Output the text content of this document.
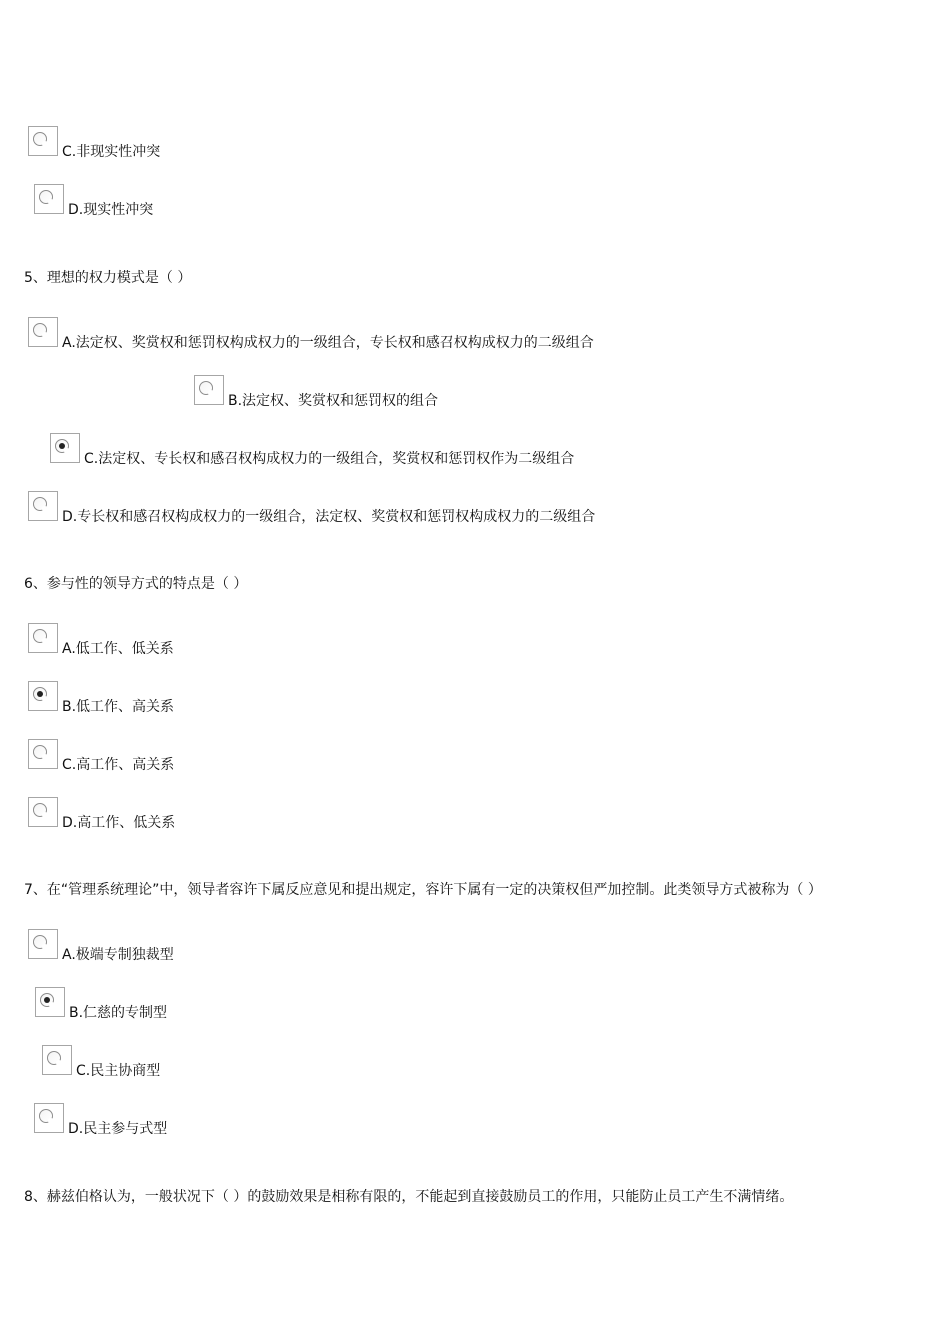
C.非现实性冲突
D.现实性冲突
5、理想的权力模式是（ ）
A.法定权、奖赏权和惩罚权构成权力的一级组合，专长权和感召权构成权力的二级组合
B.法定权、奖赏权和惩罚权的组合
C.法定权、专长权和感召权构成权力的一级组合，奖赏权和惩罚权作为二级组合
D.专长权和感召权构成权力的一级组合，法定权、奖赏权和惩罚权构成权力的二级组合
6、参与性的领导方式的特点是（ ）
A.低工作、低关系
B.低工作、高关系
C.高工作、高关系
D.高工作、低关系
7、在“管理系统理论”中，领导者容许下属反应意见和提出规定，容许下属有一定的决策权但严加控制。此类领导方式被称为（ ）
A.极端专制独裁型
B.仁慈的专制型
C.民主协商型
D.民主参与式型
8、赫兹伯格认为，一般状况下（ ）的鼓励效果是相称有限的，不能起到直接鼓励员工的作用，只能防止员工产生不满情绪。
